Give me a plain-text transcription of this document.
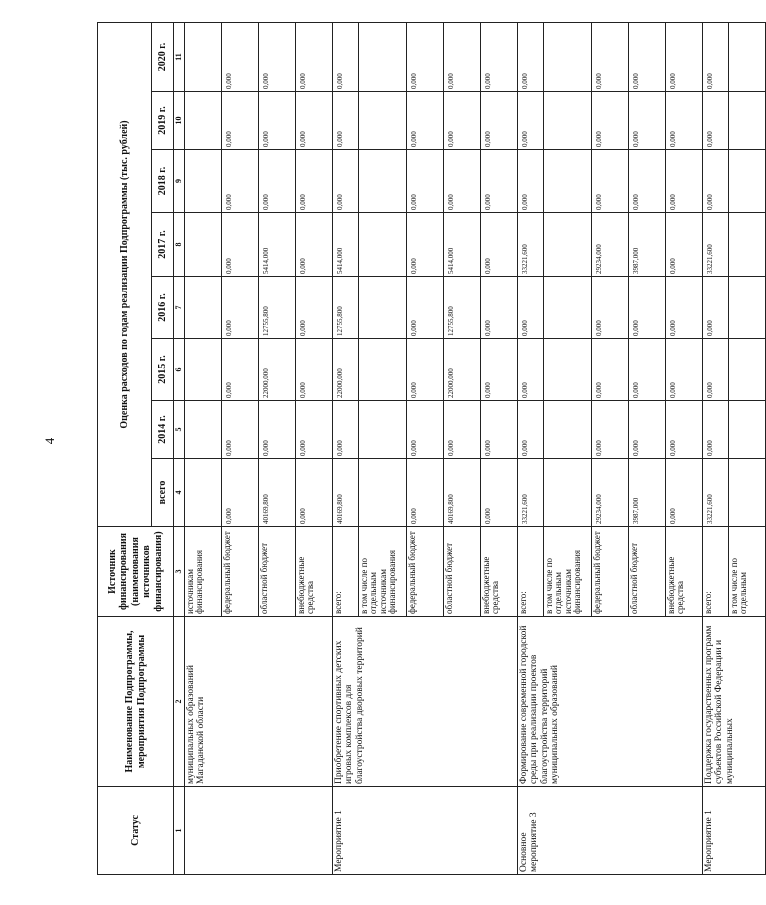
4
Статус	Наименование Подпрограммы, мероприятия Подпрограммы	Источник финансирования (наименования источников финансирования)	Оценка расходов по годам реализации Подпрограммы (тыс. рублей)							
			всего	2014 г.	2015 г.	2016 г.	2017 г.	2018 г.	2019 г.	2020 г.
1	2	3	4	5	6	7	8	9	10	11
	муниципальных образований Магаданской области	источникам финансирования								
		федеральный бюджет	0,000	0,000	0,000	0,000	0,000	0,000	0,000	0,000
		областной бюджет	40169,800	0,000	22000,000	12755,800	5414,000	0,000	0,000	0,000
		внебюджетные средства	0,000	0,000	0,000	0,000	0,000	0,000	0,000	0,000
Мероприятие 1	Приобретение спортивных детских игровых комплексов для благоустройства дворовых территорий	всего:	40169,800	0,000	22000,000	12755,800	5414,000	0,000	0,000	0,000
		в том числе по отдельным источникам финансирования								
		федеральный бюджет	0,000	0,000	0,000	0,000	0,000	0,000	0,000	0,000
		областной бюджет	40169,800	0,000	22000,000	12755,800	5414,000	0,000	0,000	0,000
		внебюджетные средства	0,000	0,000	0,000	0,000	0,000	0,000	0,000	0,000
Основное мероприятие 3	Формирование современной городской среды при реализации проектов благоустройства территорий муниципальных образований	всего:	33221,600	0,000	0,000	0,000	33221,600	0,000	0,000	0,000
		в том числе по отдельным источникам финансирования								
		федеральный бюджет	29234,000	0,000	0,000	0,000	29234,000	0,000	0,000	0,000
		областной бюджет	3987,000	0,000	0,000	0,000	3987,000	0,000	0,000	0,000
		внебюджетные средства	0,000	0,000	0,000	0,000	0,000	0,000	0,000	0,000
Мероприятие 1	Поддержка государственных программ субъектов Российской Федерации и муниципальных	всего:	33221,600	0,000	0,000	0,000	33221,600	0,000	0,000	0,000
		в том числе по отдельным								
